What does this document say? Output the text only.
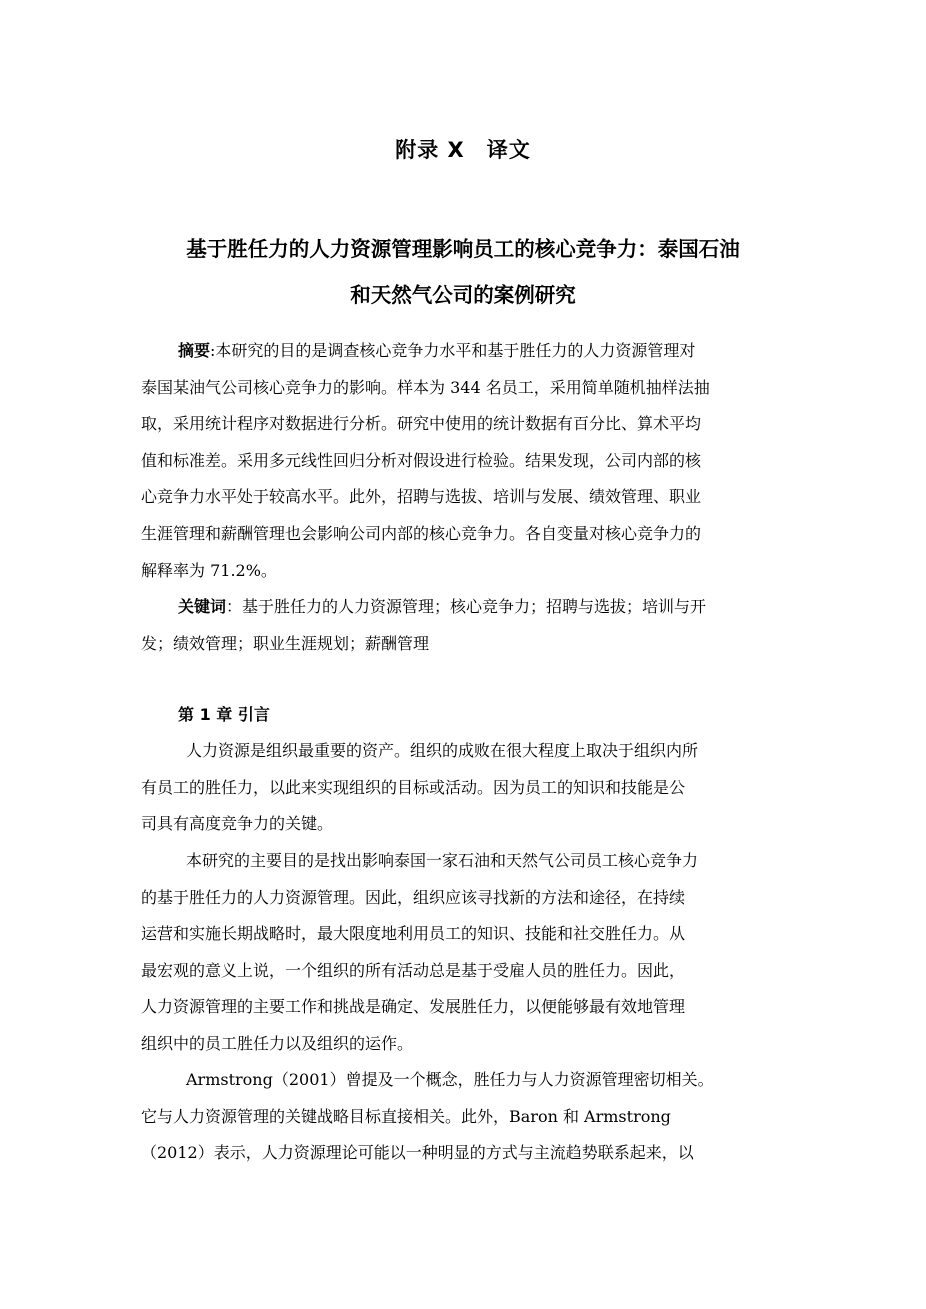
附录 X　译文
基于胜任力的人力资源管理影响员工的核心竞争力：泰国石油
和天然气公司的案例研究
摘要:本研究的目的是调查核心竞争力水平和基于胜任力的人力资源管理对
泰国某油气公司核心竞争力的影响。样本为 344 名员工，采用简单随机抽样法抽
取，采用统计程序对数据进行分析。研究中使用的统计数据有百分比、算术平均
值和标准差。采用多元线性回归分析对假设进行检验。结果发现，公司内部的核
心竞争力水平处于较高水平。此外，招聘与选拔、培训与发展、绩效管理、职业
生涯管理和薪酬管理也会影响公司内部的核心竞争力。各自变量对核心竞争力的
解释率为 71.2%。
关键词：基于胜任力的人力资源管理；核心竞争力；招聘与选拔；培训与开
发；绩效管理；职业生涯规划；薪酬管理
第 1 章 引言
人力资源是组织最重要的资产。组织的成败在很大程度上取决于组织内所
有员工的胜任力，以此来实现组织的目标或活动。因为员工的知识和技能是公
司具有高度竞争力的关键。
本研究的主要目的是找出影响泰国一家石油和天然气公司员工核心竞争力
的基于胜任力的人力资源管理。因此，组织应该寻找新的方法和途径，在持续
运营和实施长期战略时，最大限度地利用员工的知识、技能和社交胜任力。从
最宏观的意义上说，一个组织的所有活动总是基于受雇人员的胜任力。因此，
人力资源管理的主要工作和挑战是确定、发展胜任力，以便能够最有效地管理
组织中的员工胜任力以及组织的运作。
Armstrong（2001）曾提及一个概念，胜任力与人力资源管理密切相关。
它与人力资源管理的关键战略目标直接相关。此外，Baron 和 Armstrong
（2012）表示，人力资源理论可能以一种明显的方式与主流趋势联系起来，以
